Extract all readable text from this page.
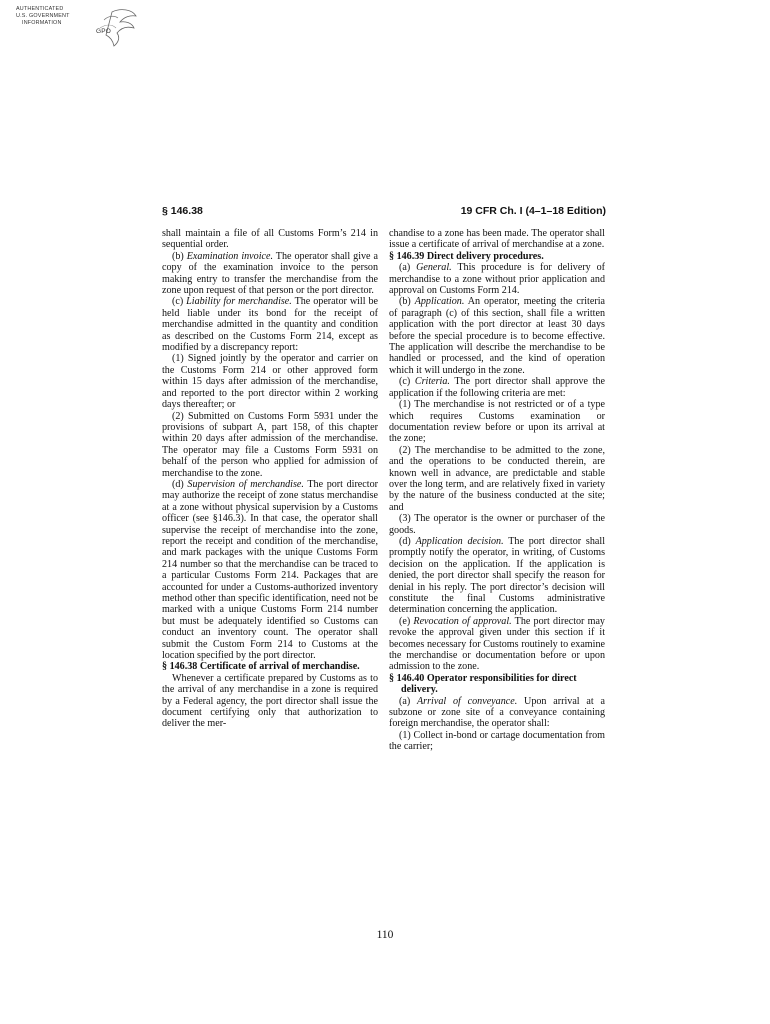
AUTHENTICATED
U.S. GOVERNMENT
INFORMATION
GPO
§ 146.38	19 CFR Ch. I (4–1–18 Edition)

shall maintain a file of all Customs Form’s 214 in sequential order.

(b) Examination invoice. The operator shall give a copy of the examination invoice to the person making entry to transfer the merchandise from the zone upon request of that person or the port director.

(c) Liability for merchandise. The operator will be held liable under its bond for the receipt of merchandise admitted in the quantity and condition as described on the Customs Form 214, except as modified by a discrepancy report:

(1) Signed jointly by the operator and carrier on the Customs Form 214 or other approved form within 15 days after admission of the merchandise, and reported to the port director within 2 working days thereafter; or

(2) Submitted on Customs Form 5931 under the provisions of subpart A, part 158, of this chapter within 20 days after admission of the merchandise. The operator may file a Customs Form 5931 on behalf of the person who applied for admission of merchandise to the zone.

(d) Supervision of merchandise. The port director may authorize the receipt of zone status merchandise at a zone without physical supervision by a Customs officer (see §146.3). In that case, the operator shall supervise the receipt of merchandise into the zone, report the receipt and condition of the merchandise, and mark packages with the unique Customs Form 214 number so that the merchandise can be traced to a particular Customs Form 214. Packages that are accounted for under a Customs-authorized inventory method other than specific identification, need not be marked with a unique Customs Form 214 number but must be adequately identified so Customs can conduct an inventory count. The operator shall submit the Custom Form 214 to Customs at the location specified by the port director.

§ 146.38 Certificate of arrival of merchandise.

Whenever a certificate prepared by Customs as to the arrival of any merchandise in a zone is required by a Federal agency, the port director shall issue the document certifying only that authorization to deliver the mer-

chandise to a zone has been made. The operator shall issue a certificate of arrival of merchandise at a zone.

§ 146.39 Direct delivery procedures.

(a) General. This procedure is for delivery of merchandise to a zone without prior application and approval on Customs Form 214.

(b) Application. An operator, meeting the criteria of paragraph (c) of this section, shall file a written application with the port director at least 30 days before the special procedure is to become effective. The application will describe the merchandise to be handled or processed, and the kind of operation which it will undergo in the zone.

(c) Criteria. The port director shall approve the application if the following criteria are met:

(1) The merchandise is not restricted or of a type which requires Customs examination or documentation review before or upon its arrival at the zone;

(2) The merchandise to be admitted to the zone, and the operations to be conducted therein, are known well in advance, are predictable and stable over the long term, and are relatively fixed in variety by the nature of the business conducted at the site; and

(3) The operator is the owner or purchaser of the goods.

(d) Application decision. The port director shall promptly notify the operator, in writing, of Customs decision on the application. If the application is denied, the port director shall specify the reason for denial in his reply. The port director’s decision will constitute the final Customs administrative determination concerning the application.

(e) Revocation of approval. The port director may revoke the approval given under this section if it becomes necessary for Customs routinely to examine the merchandise or documentation before or upon admission to the zone.

§ 146.40 Operator responsibilities for direct delivery.

(a) Arrival of conveyance. Upon arrival at a subzone or zone site of a conveyance containing foreign merchandise, the operator shall:

(1) Collect in-bond or cartage documentation from the carrier;

110
